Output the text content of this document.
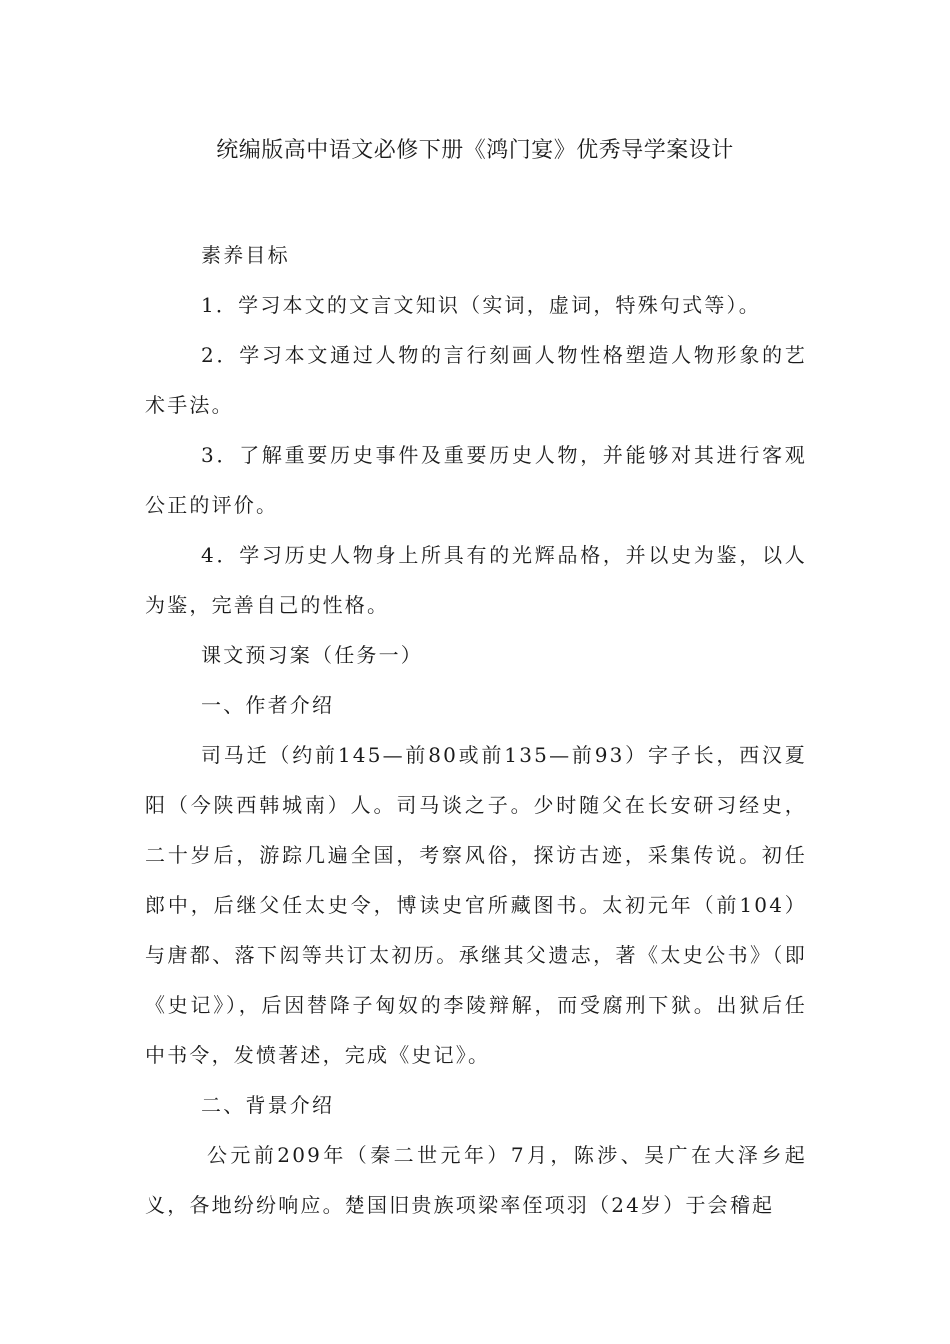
统编版高中语文必修下册《鸿门宴》优秀导学案设计

素养目标

1．学习本文的文言文知识（实词，虚词，特殊句式等）。

2．学习本文通过人物的言行刻画人物性格塑造人物形象的艺术手法。

3．了解重要历史事件及重要历史人物，并能够对其进行客观公正的评价。

4．学习历史人物身上所具有的光辉品格，并以史为鉴，以人为鉴，完善自己的性格。

课文预习案（任务一）

一、作者介绍

司马迁（约前145—前80或前135—前93）字子长，西汉夏阳（今陕西韩城南）人。司马谈之子。少时随父在长安研习经史，二十岁后，游踪几遍全国，考察风俗，探访古迹，采集传说。初任郎中，后继父任太史令，博读史官所藏图书。太初元年（前104）与唐都、落下闳等共订太初历。承继其父遗志，著《太史公书》（即《史记》），后因替降子匈奴的李陵辩解，而受腐刑下狱。出狱后任中书令，发愤著述，完成《史记》。

二、背景介绍

公元前209年（秦二世元年）7月，陈涉、吴广在大泽乡起义，各地纷纷响应。楚国旧贵族项梁率侄项羽（24岁）于会稽起
